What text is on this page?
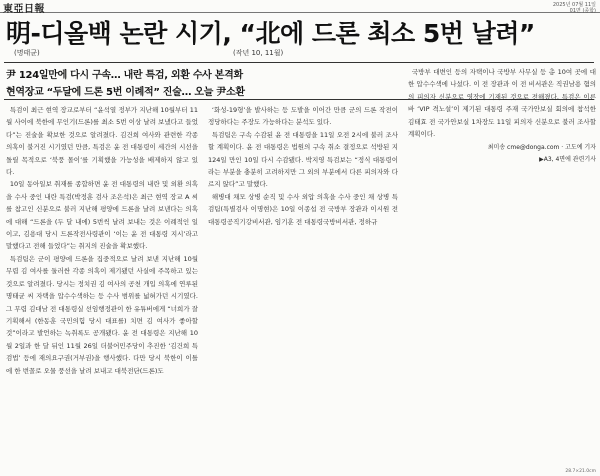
東亞日報	2025년 07월 11일
01면 (종합)
明-디올백 논란 시기, “北에 드론 최소 5번 날려”
(명태균)	(작년 10, 11월)
尹 124일만에 다시 구속… 내란 특검, 외환 수사 본격화
현역장교 “두달에 드론 5번 이례적” 진술… 오늘 尹소환

특검이 최근 현역 장교로부터 “윤석열 정부가 지난해 10월부터 11월 사이에 북한에 무인기(드론)를 최소 5번 이상 날려 보냈다고 들었다”는 진술을 확보한 것으로 알려졌다. 김건희 여사와 관련한 각종 의혹이 불거진 시기였던 만큼, 특검은 윤 전 대통령이 세간의 시선을 돌릴 목적으로 ‘북풍 몰이’를 기획했을 가능성을 배제하지 않고 있다.

10일 동아일보 취재를 종합하면 윤 전 대통령의 내란 및 외환 의혹을 수사 중인 내란 특검(박정훈 검사 조은석)은 최근 현역 장교 A 씨를 참고인 신분으로 불러 지난해 평양에 드론을 날려 보낸다는 의혹에 대해 “드론을 (두 달 내에) 5번씩 날려 보내는 것은 이례적인 일이고, 김용대 당시 드론작전사령관이 ‘이는 윤 전 대통령 지시’라고 말했다고 전해 들었다”는 취지의 진술을 확보했다.

특검팀은 군이 평양에 드론을 집중적으로 날려 보낸 지난해 10월 무렵 김 여사를 둘러싼 각종 의혹이 제기됐던 사실에 주목하고 있는 것으로 알려졌다. 당시는 정치권 김 여사의 공천 개입 의혹에 연루된 명태균 씨 자택을 압수수색하는 등 수사 범위를 넓혀가던 시기였다. 그 무렵 김대남 전 대통령실 선임행정관이 한 유튜버에게 “너희가 잘 기획해서 (한동훈 국민의힘 당시 대표를) 치면 김 여사가 좋아할 것”이라고 발언하는 녹취록도 공개됐다. 윤 전 대통령은 지난해 10월 2일과 한 달 뒤인 11월 26일 더불어민주당이 추진한 ‘김건희 특검법’ 등에 재의요구권(거부권)을 행사했다. 다만 당시 북한이 이틀에 한 번꼴로 오물 풍선을 날려 보내고 대북전단(드론)도

‘화성-19형’을 발사하는 등 도발을 이어간 만큼 군의 드론 작전이 정당하다는 주장도 가능하다는 분석도 있다.

특검팀은 구속 수감된 윤 전 대통령을 11일 오전 2시에 불러 조사할 계획이다. 윤 전 대통령은 법원의 구속 취소 결정으로 석방된 지 124일 만인 10일 다시 수감됐다. 박지영 특검보는 “정식 대통령이라는 부분을 충분히 고려하지만 그 외의 부분에서 다른 피의자와 다르지 않다”고 말했다.

해병대 채모 상병 순직 및 수사 외압 의혹을 수사 중인 채 상병 특검팀(특별검사 이명현)은 10일 이종섭 전 국방부 장관과 이시원 전 대통령공직기강비서관, 임기훈 전 대통령국방비서관, 정하규

국방부 대변인 등의 자택이나 국방부 사무실 등 총 10여 곳에 대한 압수수색에 나섰다. 이 전 장관과 이 전 비서관은 직권남용 혐의의 피의자 신분으로 영장에 기재된 것으로 전해졌다. 특검은 이른바 ‘VIP 격노설’이 제기된 대통령 주재 국가안보실 회의에 참석한 김태효 전 국가안보실 1차장도 11일 피의자 신분으로 불러 조사할 계획이다.

최미송 cme@donga.com · 고도예 기자
▶A3, 4면에 관련기사
28.7×21.0cm
